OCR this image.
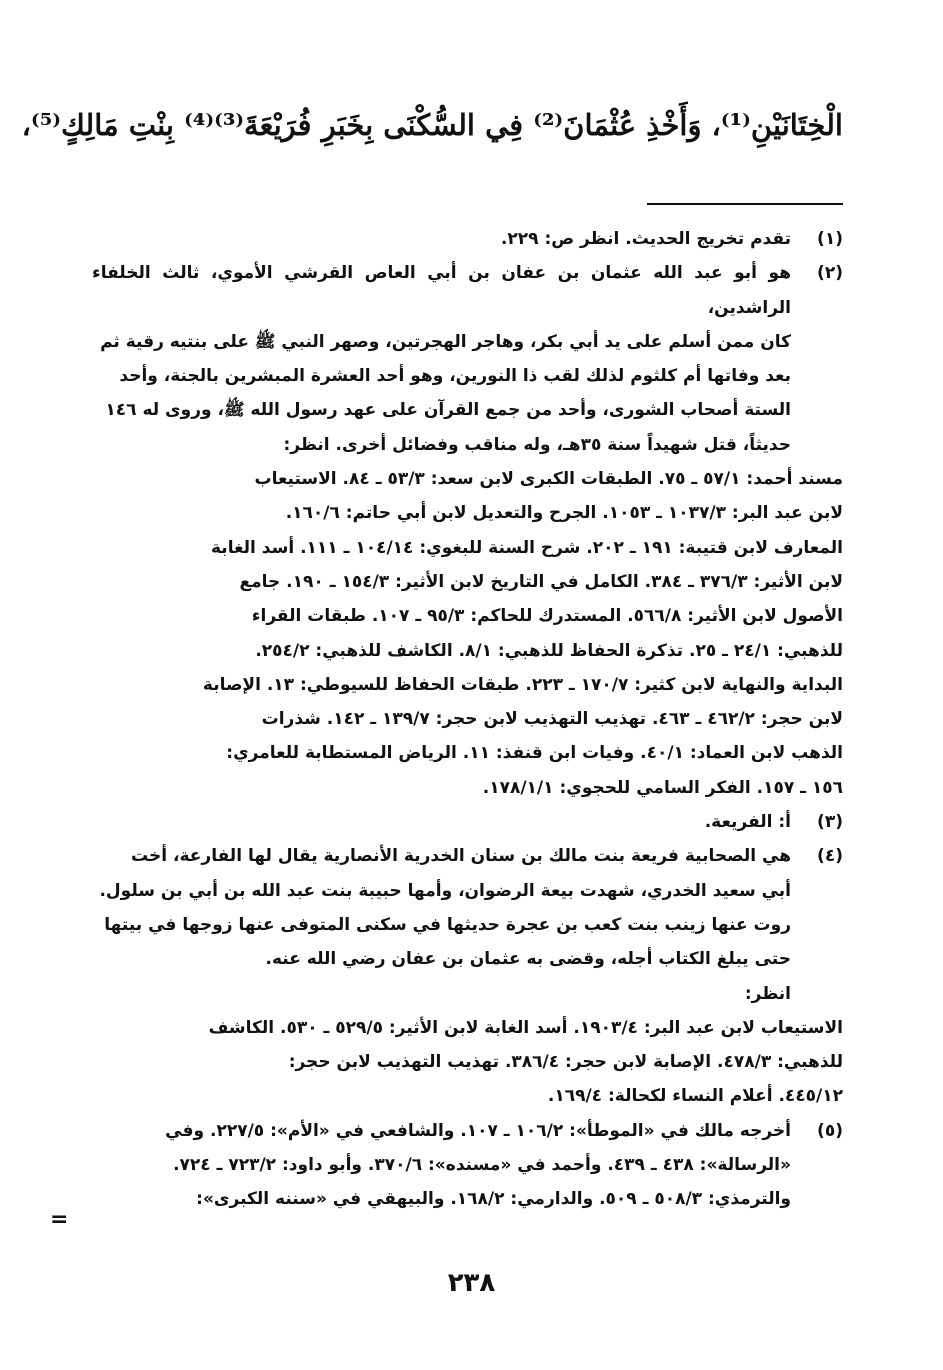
الْخِتَانَيْنِ⁽¹⁾، وَأَخْذِ عُثْمَانَ⁽²⁾ فِي السُّكْنَى بِخَبَرِ فُرَيْعَةَ⁽³⁾⁽⁴⁾ بِنْتِ مَالِكٍ⁽⁵⁾،
(١)

تقدم تخريج الحديث. انظر ص: ٢٢٩.

(٢)

هو أبو عبد الله عثمان بن عفان بن أبي العاص القرشي الأموي، ثالث الخلفاء الراشدين،

كان ممن أسلم على يد أبي بكر، وهاجر الهجرتين، وصهر النبي ﷺ على بنتيه رقية ثم

بعد وفاتها أم كلثوم لذلك لقب ذا النورين، وهو أحد العشرة المبشرين بالجنة، وأحد

الستة أصحاب الشورى، وأحد من جمع القرآن على عهد رسول الله ﷺ، وروى له ١٤٦

حديثاً، قتل شهيداً سنة ٣٥هـ، وله مناقب وفضائل أخرى. انظر:

مسند أحمد: ٥٧/١ ـ ٧٥. الطبقات الكبرى لابن سعد: ٥٣/٣ ـ ٨٤. الاستيعاب

لابن عبد البر: ١٠٣٧/٣ ـ ١٠٥٣. الجرح والتعديل لابن أبي حاتم: ١٦٠/٦.

المعارف لابن قتيبة: ١٩١ ـ ٢٠٢. شرح السنة للبغوي: ١٠٤/١٤ ـ ١١١. أسد الغابة

لابن الأثير: ٣٧٦/٣ ـ ٣٨٤. الكامل في التاريخ لابن الأثير: ١٥٤/٣ ـ ١٩٠. جامع

الأصول لابن الأثير: ٥٦٦/٨. المستدرك للحاكم: ٩٥/٣ ـ ١٠٧. طبقات القراء

للذهبي: ٢٤/١ ـ ٢٥. تذكرة الحفاظ للذهبي: ٨/١. الكاشف للذهبي: ٢٥٤/٢.

البداية والنهاية لابن كثير: ١٧٠/٧ ـ ٢٢٣. طبقات الحفاظ للسيوطي: ١٣. الإصابة

لابن حجر: ٤٦٢/٢ ـ ٤٦٣. تهذيب التهذيب لابن حجر: ١٣٩/٧ ـ ١٤٢. شذرات

الذهب لابن العماد: ٤٠/١. وفيات ابن قنفذ: ١١. الرياض المستطابة للعامري:

١٥٦ ـ ١٥٧. الفكر السامي للحجوي: ١٧٨/١/١.

(٣)

أ: الفريعة.

(٤)

هي الصحابية فريعة بنت مالك بن سنان الخدرية الأنصارية يقال لها الفارعة، أخت

أبي سعيد الخدري، شهدت بيعة الرضوان، وأمها حبيبة بنت عبد الله بن أبي بن سلول.

روت عنها زينب بنت كعب بن عجرة حديثها في سكنى المتوفى عنها زوجها في بيتها

حتى يبلغ الكتاب أجله، وقضى به عثمان بن عفان رضي الله عنه.

انظر:

الاستيعاب لابن عبد البر: ١٩٠٣/٤. أسد الغابة لابن الأثير: ٥٢٩/٥ ـ ٥٣٠. الكاشف

للذهبي: ٤٧٨/٣. الإصابة لابن حجر: ٣٨٦/٤. تهذيب التهذيب لابن حجر:

٤٤٥/١٢. أعلام النساء لكحالة: ١٦٩/٤.

(٥)

أخرجه مالك في «الموطأ»: ١٠٦/٢ ـ ١٠٧. والشافعي في «الأم»: ٢٢٧/٥. وفي

«الرسالة»: ٤٣٨ ـ ٤٣٩. وأحمد في «مسنده»: ٣٧٠/٦. وأبو داود: ٧٢٣/٢ ـ ٧٢٤.

والترمذي: ٥٠٨/٣ ـ ٥٠٩. والدارمي: ١٦٨/٢. والبيهقي في «سننه الكبرى»:

=
٢٣٨
